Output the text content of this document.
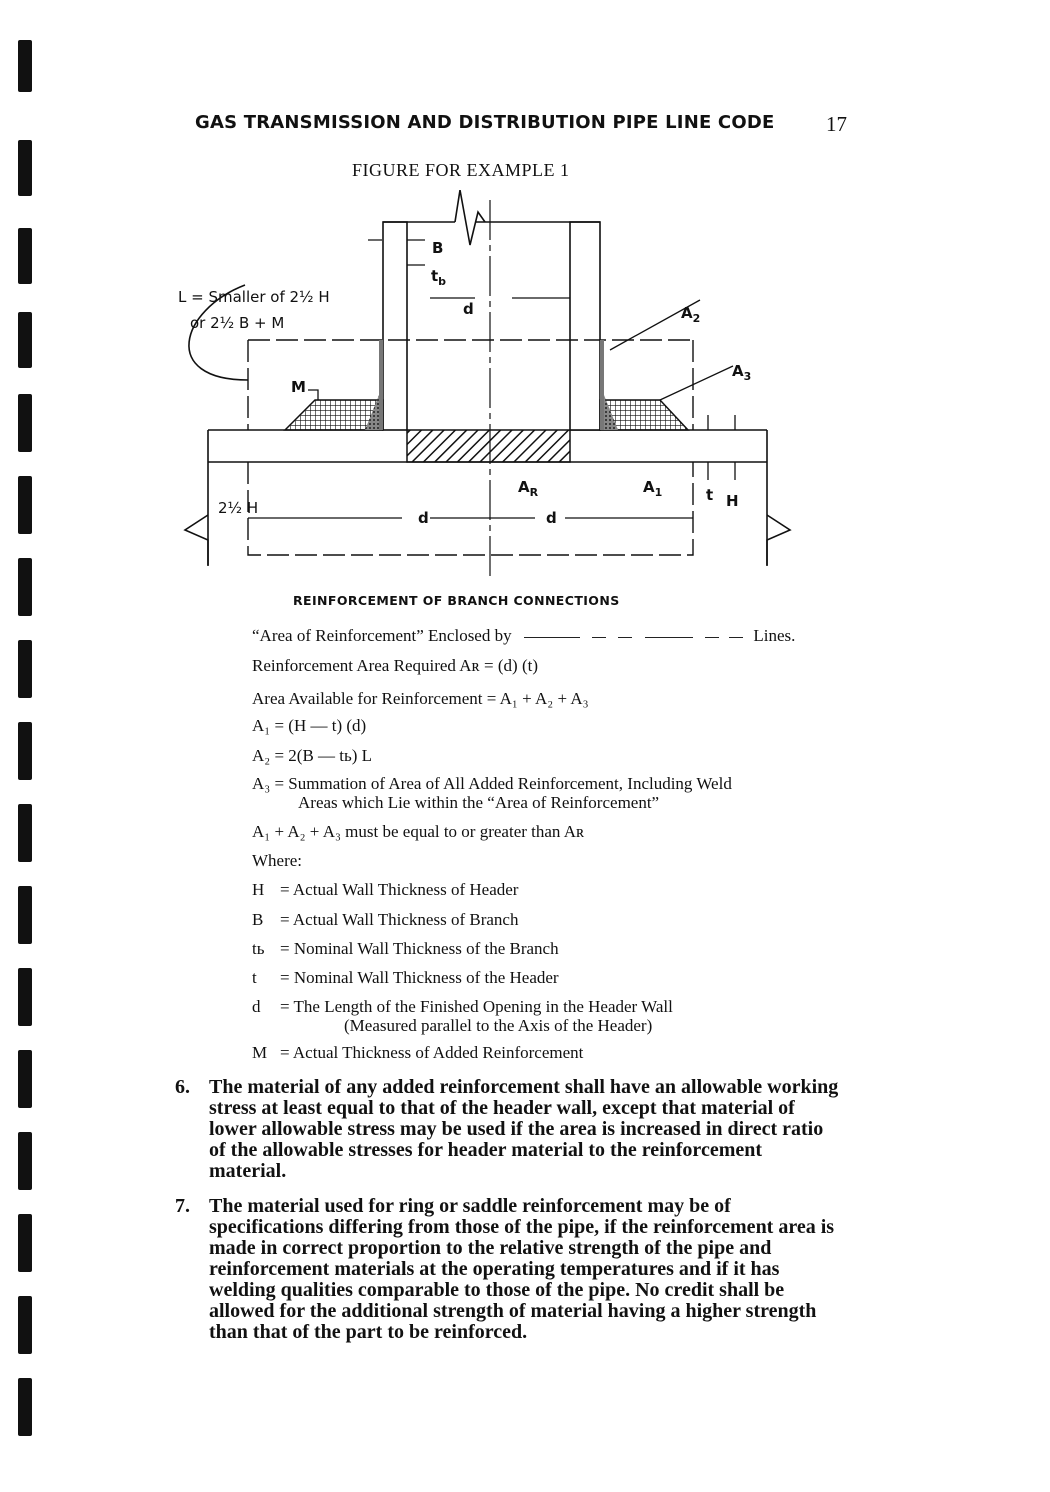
GAS TRANSMISSION AND DISTRIBUTION PIPE LINE CODE 17
FIGURE FOR EXAMPLE 1
L = Smaller of 2½ H
or 2½ B + M
M
B
$t_b$
d	$A_2$
$A_3$
$A_R$	$A_1$	t H
2½ H
d	d
REINFORCEMENT OF BRANCH CONNECTIONS
“Area of Reinforcement” Enclosed by	Lines.
Reinforcement Area Required Aʀ = (d) (t)
Area Available for Reinforcement = A₁ + A₂ + A₃
A₁ = (H — t) (d)
A₂ = 2(B — tь) L
A₃ = Summation of Area of All Added Reinforcement, Including Weld
Areas which Lie within the “Area of Reinforcement”
A₁ + A₂ + A₃ must be equal to or greater than Aʀ
Where:
H = Actual Wall Thickness of Header
B = Actual Wall Thickness of Branch
tь = Nominal Wall Thickness of the Branch
t = Nominal Wall Thickness of the Header
d = The Length of the Finished Opening in the Header Wall
(Measured parallel to the Axis of the Header)
M = Actual Thickness of Added Reinforcement
6. The material of any added reinforcement shall have an allowable working stress at least equal to that of the header wall, except that material of lower allowable stress may be used if the area is increased in direct ratio of the allowable stresses for header material to the reinforcement material.
7. The material used for ring or saddle reinforcement may be of specifications differing from those of the pipe, if the reinforcement area is made in correct proportion to the relative strength of the pipe and reinforcement materials at the operating temperatures and if it has welding qualities comparable to those of the pipe. No credit shall be allowed for the additional strength of material having a higher strength than that of the part to be reinforced.
